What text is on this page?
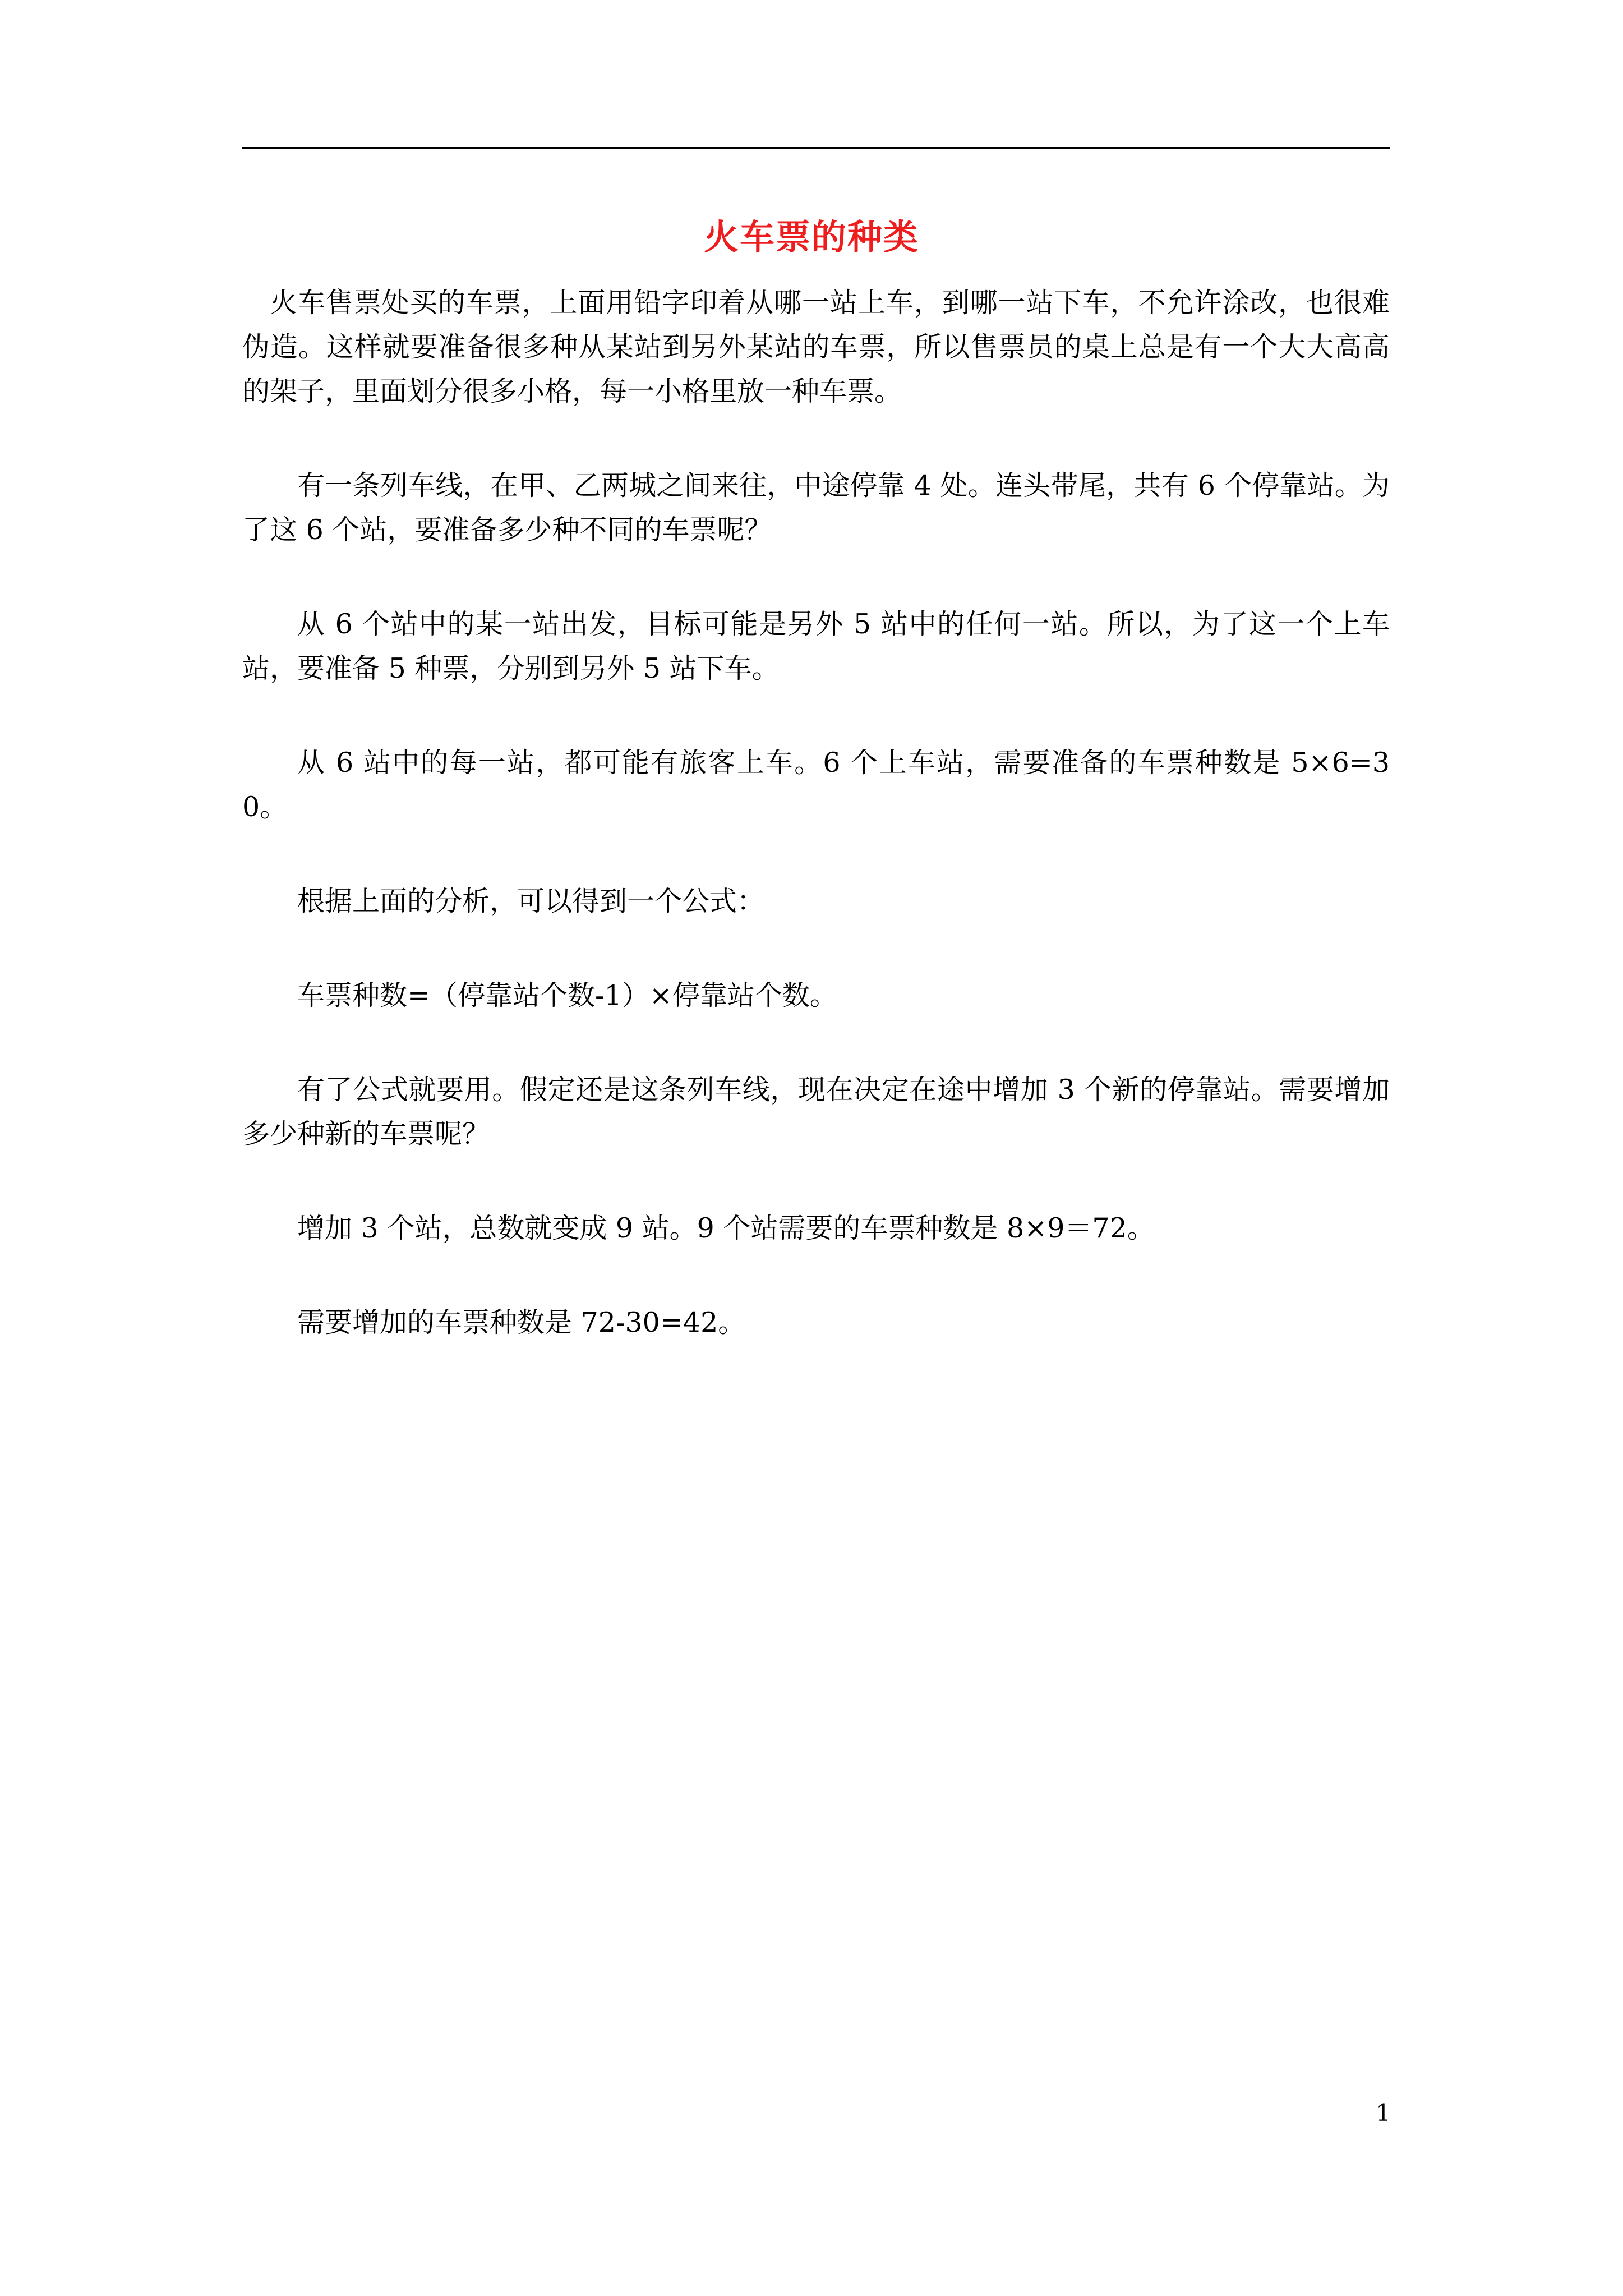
火车票的种类

火车售票处买的车票，上面用铅字印着从哪一站上车，到哪一站下车，不允许涂改，也很难伪造。这样就要准备很多种从某站到另外某站的车票，所以售票员的桌上总是有一个大大高高的架子，里面划分很多小格，每一小格里放一种车票。

有一条列车线，在甲、乙两城之间来往，中途停靠 4 处。连头带尾，共有 6 个停靠站。为了这 6 个站，要准备多少种不同的车票呢？

从 6 个站中的某一站出发，目标可能是另外 5 站中的任何一站。所以，为了这一个上车站，要准备 5 种票，分别到另外 5 站下车。

从 6 站中的每一站，都可能有旅客上车。6 个上车站，需要准备的车票种数是 5×6=30。

根据上面的分析，可以得到一个公式：

车票种数=（停靠站个数-1）×停靠站个数。

有了公式就要用。假定还是这条列车线，现在决定在途中增加 3 个新的停靠站。需要增加多少种新的车票呢？

增加 3 个站，总数就变成 9 站。9 个站需要的车票种数是 8×9＝72。

需要增加的车票种数是 72-30=42。

1
